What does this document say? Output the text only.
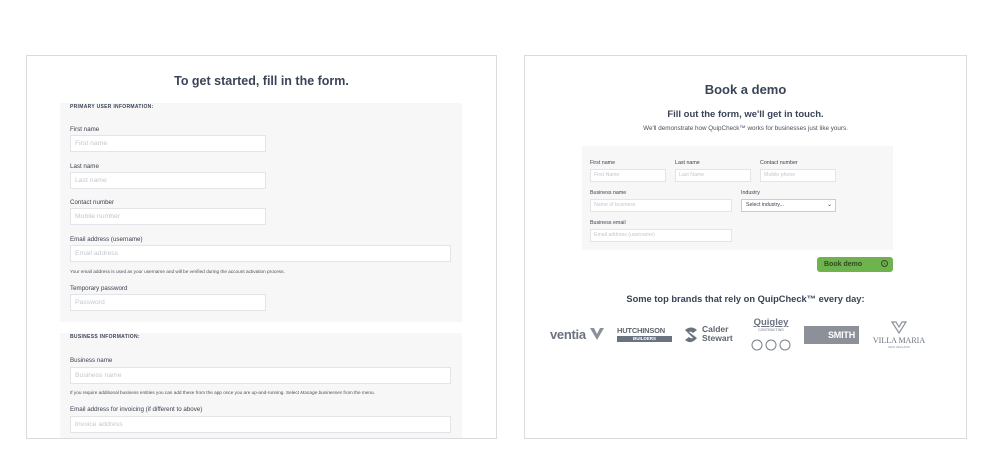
To get started, fill in the form.
PRIMARY USER INFORMATION:
First name
First name
Last name
Last name
Contact number
Mobile number
Email address (username)
Email address
Your email address is used as your username and will be verified during the account activation process.
Temporary password
Password
BUSINESS INFORMATION:
Business name
Business name
If you require additional business entities you can add these from the app once you are up-and-running. Select Manage businesses from the menu.
Email address for invoicing (if different to above)
Invoice address
Book a demo
Fill out the form, we'll get in touch.
We'll demonstrate how QuipCheck™ works for businesses just like yours.
First name
First Name
Last name
Last Name
Contact number
Mobile phone
Business name
Name of business
Industry
Select industry...	⌄
Business email
Email address (username)
Book demo	›
Some top brands that rely on QuipCheck™ every day:
ventia	HUTCHINSON
BUILDERS
Calder
Stewart
Quigley
CONTRACTING	SMITH
VILLA MARIA
NEW ZEALAND
